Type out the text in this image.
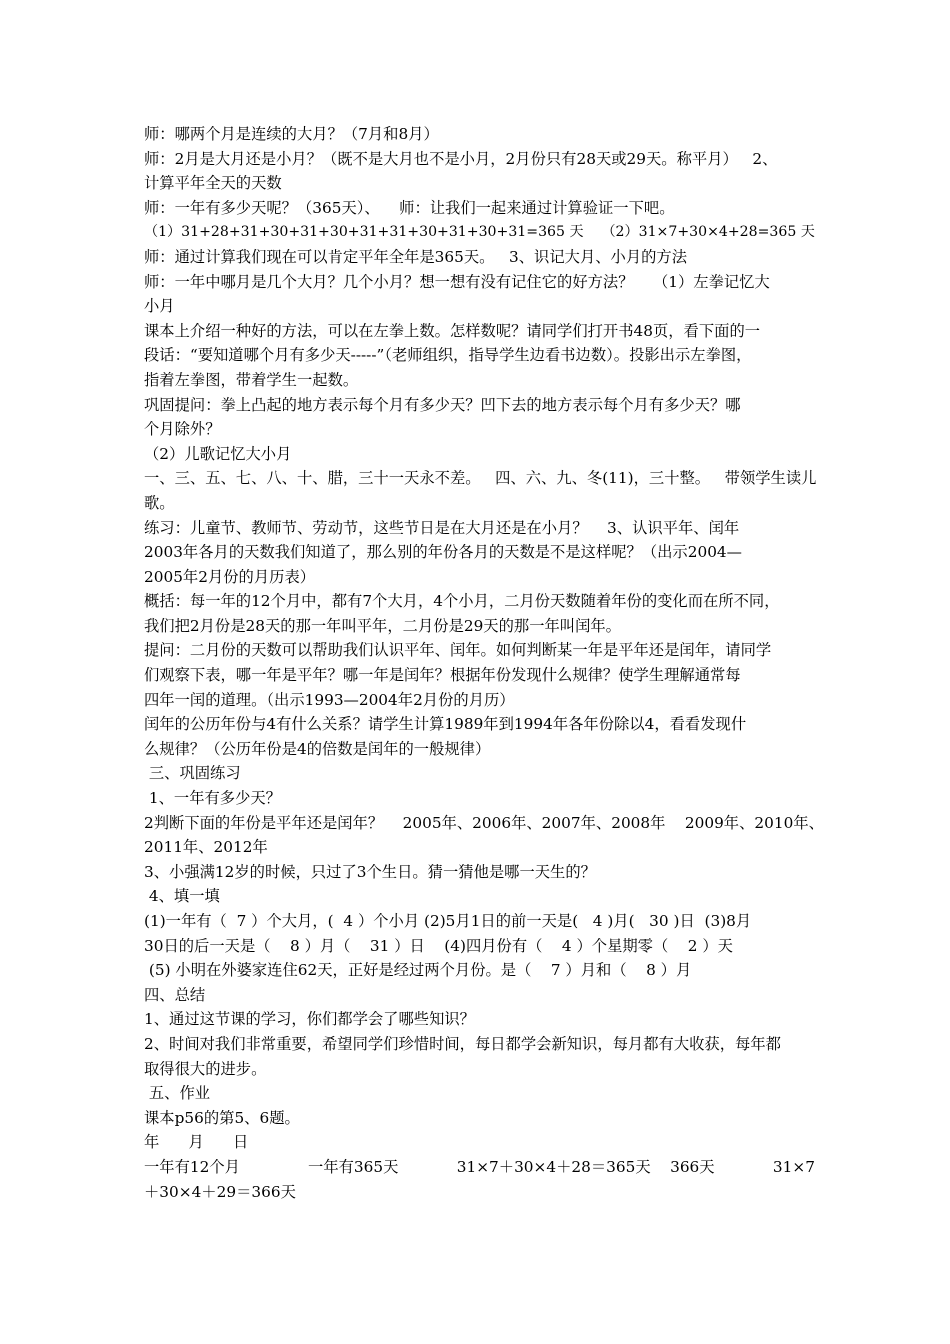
师：哪两个月是连续的大月？（7月和8月）
师：2月是大月还是小月？（既不是大月也不是小月，2月份只有28天或29天。称平月）   2、
计算平年全天的天数
师：一年有多少天呢？（365天）、    师：让我们一起来通过计算验证一下吧。
（1）31+28+31+30+31+30+31+31+30+31+30+31=365 天    （2）31×7+30×4+28=365 天
师：通过计算我们现在可以肯定平年全年是365天。   3、识记大月、小月的方法
师：一年中哪月是几个大月？几个小月？想一想有没有记住它的好方法？    （1）左拳记忆大
小月
课本上介绍一种好的方法，可以在左拳上数。怎样数呢？请同学们打开书48页，看下面的一
段话：“要知道哪个月有多少天-----”（老师组织，指导学生边看书边数）。投影出示左拳图，
指着左拳图，带着学生一起数。
巩固提问：拳上凸起的地方表示每个月有多少天？凹下去的地方表示每个月有多少天？哪
个月除外？
（2）儿歌记忆大小月
一、三、五、七、八、十、腊，三十一天永不差。   四、六、九、冬(11)，三十整。   带领学生读儿
歌。
练习：儿童节、教师节、劳动节，这些节日是在大月还是在小月？    3、认识平年、闰年
2003年各月的天数我们知道了，那么别的年份各月的天数是不是这样呢？（出示2004—
2005年2月份的月历表）
概括：每一年的12个月中，都有7个大月，4个小月，二月份天数随着年份的变化而在所不同，
我们把2月份是28天的那一年叫平年，二月份是29天的那一年叫闰年。
提问：二月份的天数可以帮助我们认识平年、闰年。如何判断某一年是平年还是闰年，请同学
们观察下表，哪一年是平年？哪一年是闰年？根据年份发现什么规律？使学生理解通常每
四年一闰的道理。（出示1993—2004年2月份的月历）
闰年的公历年份与4有什么关系？请学生计算1989年到1994年各年份除以4，看看发现什
么规律？（公历年份是4的倍数是闰年的一般规律）
三、巩固练习
1、一年有多少天？
2判断下面的年份是平年还是闰年？    2005年、2006年、2007年、2008年    2009年、2010年、
2011年、2012年
3、小强满12岁的时候，只过了3个生日。猜一猜他是哪一天生的？
4、填一填
(1)一年有（  7 ）个大月，(  4 ）个小月 (2)5月1日的前一天是(   4 )月(   30 )日  (3)8月
30日的后一天是（    8 ）月（    31 ）日    (4)四月份有（    4 ）个星期零（    2 ）天
(5) 小明在外婆家连住62天，正好是经过两个月份。是（    7 ）月和（    8 ）月
四、总结
1、通过这节课的学习，你们都学会了哪些知识？
2、时间对我们非常重要，希望同学们珍惜时间，每日都学会新知识，每月都有大收获，每年都
取得很大的进步。
五、作业
课本p56的第5、6题。
年      月      日
一年有12个月              一年有365天            31×7＋30×4＋28＝365天    366天            31×7
＋30×4＋29＝366天
